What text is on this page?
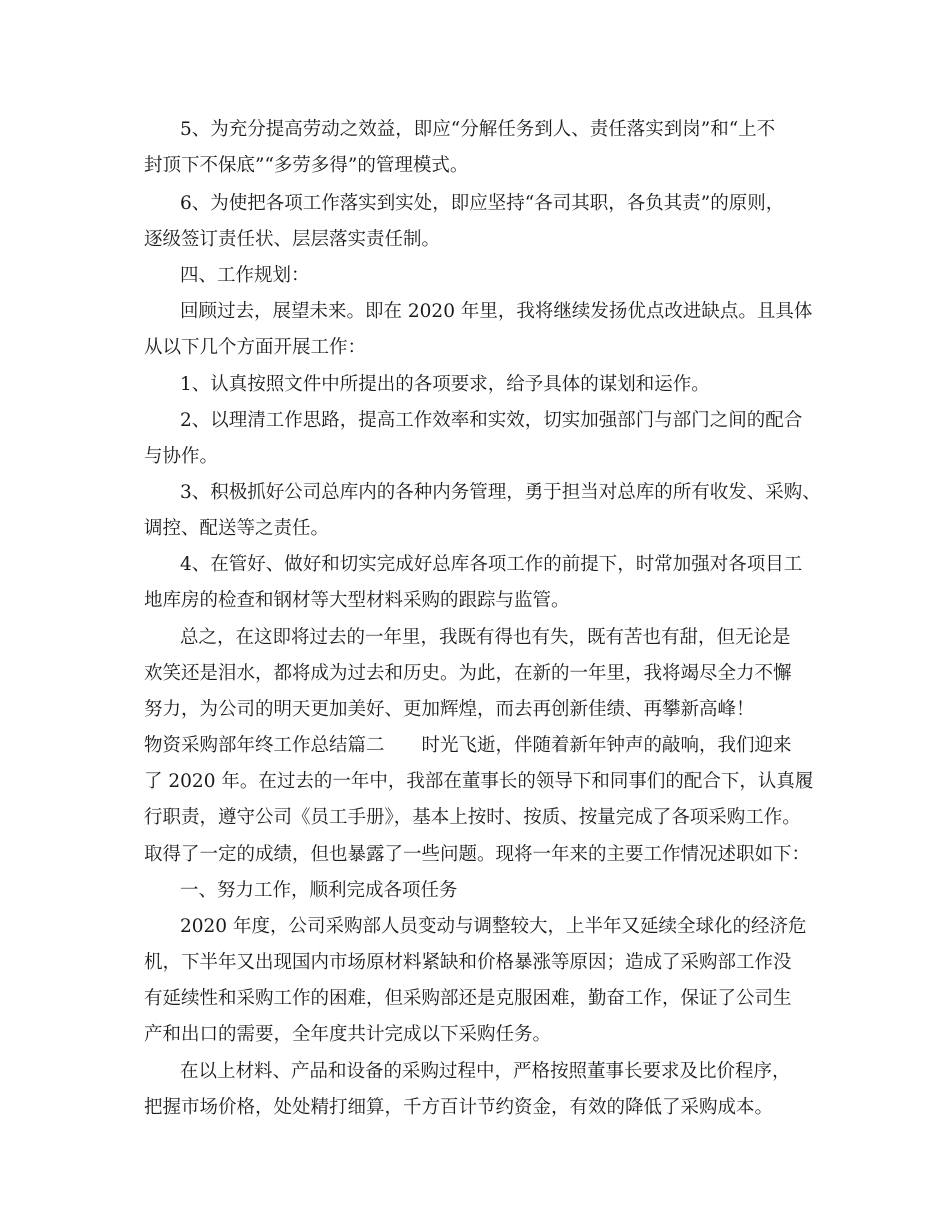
5、为充分提高劳动之效益，即应“分解任务到人、责任落实到岗”和“上不

封顶下不保底”“多劳多得”的管理模式。

6、为使把各项工作落实到实处，即应坚持“各司其职，各负其责”的原则，

逐级签订责任状、层层落实责任制。

四、工作规划：

回顾过去，展望未来。即在 2020 年里，我将继续发扬优点改进缺点。且具体

从以下几个方面开展工作：

1、认真按照文件中所提出的各项要求，给予具体的谋划和运作。

2、以理清工作思路，提高工作效率和实效，切实加强部门与部门之间的配合

与协作。

3、积极抓好公司总库内的各种内务管理，勇于担当对总库的所有收发、采购、

调控、配送等之责任。

4、在管好、做好和切实完成好总库各项工作的前提下，时常加强对各项目工

地库房的检查和钢材等大型材料采购的跟踪与监管。

总之，在这即将过去的一年里，我既有得也有失，既有苦也有甜，但无论是

欢笑还是泪水，都将成为过去和历史。为此，在新的一年里，我将竭尽全力不懈

努力，为公司的明天更加美好、更加辉煌，而去再创新佳绩、再攀新高峰！

物资采购部年终工作总结篇二　　时光飞逝，伴随着新年钟声的敲响，我们迎来

了 2020 年。在过去的一年中，我部在董事长的领导下和同事们的配合下，认真履

行职责，遵守公司《员工手册》，基本上按时、按质、按量完成了各项采购工作。

取得了一定的成绩，但也暴露了一些问题。现将一年来的主要工作情况述职如下：

一、努力工作，顺利完成各项任务

2020 年度，公司采购部人员变动与调整较大，上半年又延续全球化的经济危

机，下半年又出现国内市场原材料紧缺和价格暴涨等原因；造成了采购部工作没

有延续性和采购工作的困难，但采购部还是克服困难，勤奋工作，保证了公司生

产和出口的需要，全年度共计完成以下采购任务。

在以上材料、产品和设备的采购过程中，严格按照董事长要求及比价程序，

把握市场价格，处处精打细算，千方百计节约资金，有效的降低了采购成本。
